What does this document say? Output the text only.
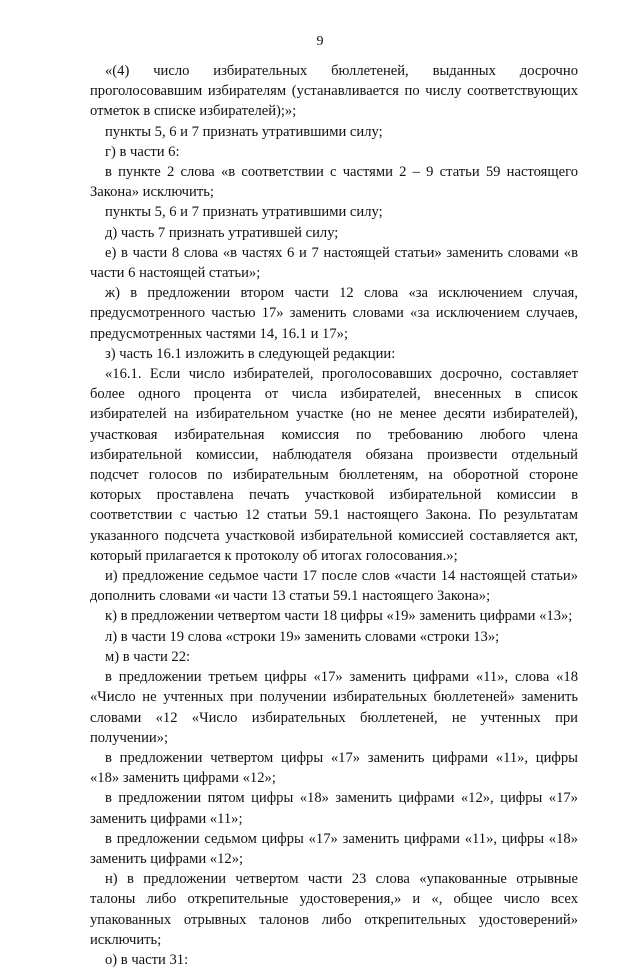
9

«(4) число избирательных бюллетеней, выданных досрочно проголосовавшим избирателям (устанавливается по числу соответствующих отметок в списке избирателей);»;

пункты 5, 6 и 7 признать утратившими силу;

г) в части 6:

в пункте 2 слова «в соответствии с частями 2 – 9 статьи 59 настоящего Закона» исключить;

пункты 5, 6 и 7 признать утратившими силу;

д) часть 7 признать утратившей силу;

е) в части 8 слова «в частях 6 и 7 настоящей статьи» заменить словами «в части 6 настоящей статьи»;

ж) в предложении втором части 12 слова «за исключением случая, предусмотренного частью 17» заменить словами «за исключением случаев, предусмотренных частями 14, 16.1 и 17»;

з) часть 16.1 изложить в следующей редакции:

«16.1. Если число избирателей, проголосовавших досрочно, составляет более одного процента от числа избирателей, внесенных в список избирателей на избирательном участке (но не менее десяти избирателей), участковая избирательная комиссия по требованию любого члена избирательной комиссии, наблюдателя обязана произвести отдельный подсчет голосов по избирательным бюллетеням, на оборотной стороне которых проставлена печать участковой избирательной комиссии в соответствии с частью 12 статьи 59.1 настоящего Закона. По результатам указанного подсчета участковой избирательной комиссией составляется акт, который прилагается к протоколу об итогах голосования.»;

и) предложение седьмое части 17 после слов «части 14 настоящей статьи» дополнить словами «и части 13 статьи 59.1 настоящего Закона»;

к) в предложении четвертом части 18 цифры «19» заменить цифрами «13»;

л) в части 19 слова «строки 19» заменить словами «строки 13»;

м) в части 22:

в предложении третьем цифры «17» заменить цифрами «11», слова «18 «Число не учтенных при получении избирательных бюллетеней» заменить словами «12 «Число избирательных бюллетеней, не учтенных при получении»;

в предложении четвертом цифры «17» заменить цифрами «11», цифры «18» заменить цифрами «12»;

в предложении пятом цифры «18» заменить цифрами «12», цифры «17» заменить цифрами «11»;

в предложении седьмом цифры «17» заменить цифрами «11», цифры «18» заменить цифрами «12»;

н) в предложении четвертом части 23 слова «упакованные отрывные талоны либо открепительные удостоверения,» и «, общее число всех упакованных отрывных талонов либо открепительных удостоверений» исключить;

о) в части 31:
